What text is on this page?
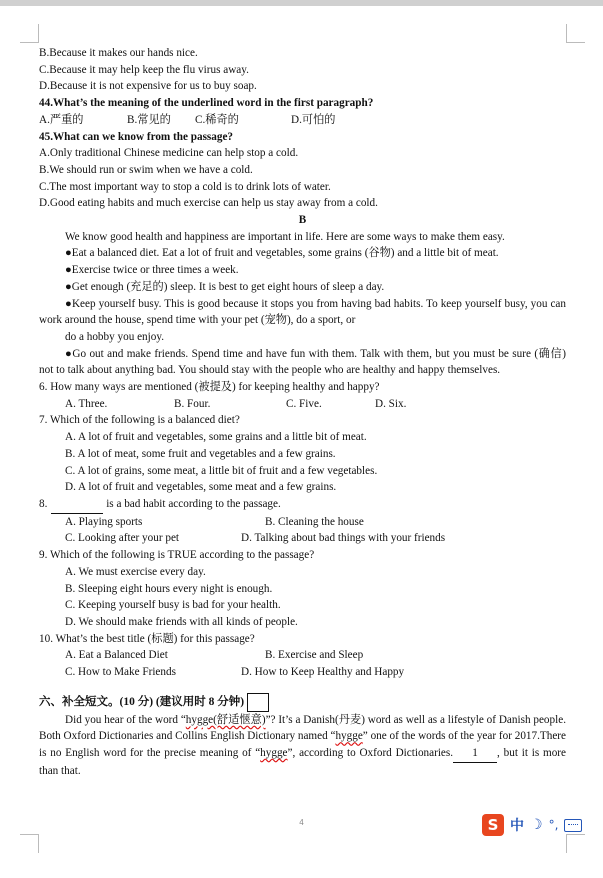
B.Because it makes our hands nice.
C.Because it may help keep the flu virus away.
D.Because it is not expensive for us to buy soap.
44.What’s the meaning of the underlined word in the first paragraph?
A.严重的	B.常见的	C.稀奇的	D.可怕的
45.What can we know from the passage?
A.Only traditional Chinese medicine can help stop a cold.
B.We should run or swim when we have a cold.
C.The most important way to stop a cold is to drink lots of water.
D.Good eating habits and much exercise can help us stay away from a cold.
B
We know good health and happiness are important in life. Here are some ways to make them easy.
●Eat a balanced diet. Eat a lot of fruit and vegetables, some grains (谷物) and a little bit of meat.
●Exercise twice or three times a week.
●Get enough (充足的) sleep. It is best to get eight hours of sleep a day.
●Keep yourself busy. This is good because it stops you from having bad habits. To keep yourself busy, you can work around the house, spend time with your pet (宠物), do a sport, or
do a hobby you enjoy.
●Go out and make friends. Spend time and have fun with them. Talk with them, but you must be sure (确信) not to talk about anything bad. You should stay with the people who are healthy and happy themselves.
6. How many ways are mentioned (被提及) for keeping healthy and happy?
A. Three.	B. Four.	C. Five.	D. Six.
7. Which of the following is a balanced diet?
A. A lot of fruit and vegetables, some grains and a little bit of meat.
B. A lot of meat, some fruit and vegetables and a few grains.
C. A lot of grains, some meat, a little bit of fruit and a few vegetables.
D. A lot of fruit and vegetables, some meat and a few grains.
8.	is a bad habit according to the passage.
A. Playing sports	B. Cleaning the house
C. Looking after your pet	D. Talking about bad things with your friends
9. Which of the following is TRUE according to the passage?
A. We must exercise every day.
B. Sleeping eight hours every night is enough.
C. Keeping yourself busy is bad for your health.
D. We should make friends with all kinds of people.
10. What’s the best title (标题) for this passage?
A. Eat a Balanced Diet	B. Exercise and Sleep
C. How to Make Friends	D. How to Keep Healthy and Happy
六、补全短文。(10 分) (建议用时 8 分钟)
Did you hear of the word “hygge(舒适惬意)”? It’s a Danish(丹麦) word as well as a lifestyle of Danish people. Both Oxford Dictionaries and Collins English Dictionary named “hygge” one of the words of the year for 2017.There is no English word for the precise meaning of “hygge”, according to Oxford Dictionaries. 1 , but it is more than that.
4	S 中 ☽ °,
